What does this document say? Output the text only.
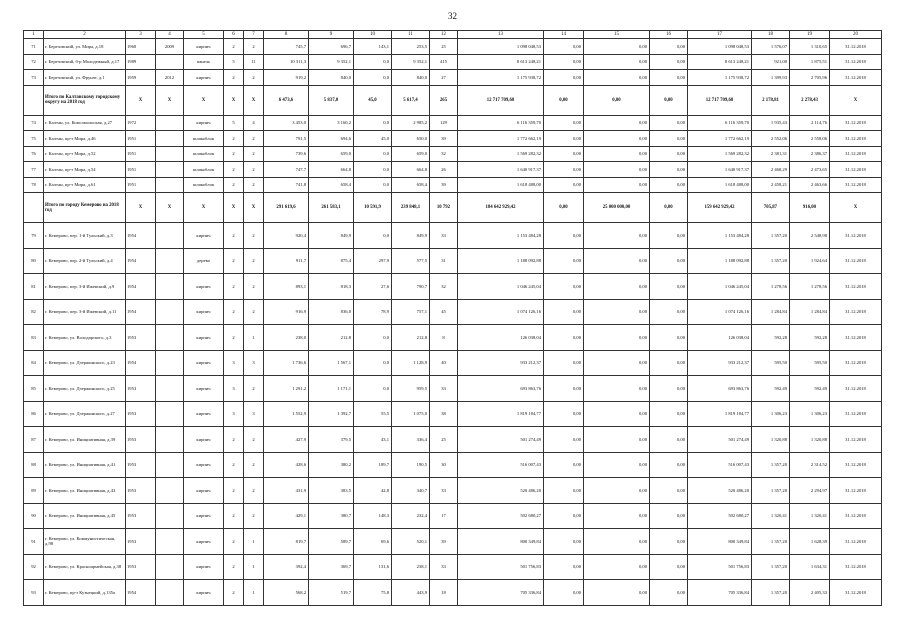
32
1	2	3	4	5	6	7	8	9	10	11	12	13	14	15	16	17	18	19	20
71	г. Березовский, ул. Мира, д.18	1960	2009	кирпич	2	2	745,7	696,7	143,1	253,5	25	1 098 048,53	0,00	0,00	0,00	1 098 048,53	1 576,07	1 310,65	31.12.2018
72	г. Березовский, б-р Молодежный, д.17	1989		панель	5	11	10 311,3	9 352,1	0,0	9 352,1	415	8 613 248,21	0,00	0,00	0,00	8 613 248,21	921,00	1 875,51	31.12.2018
73	г. Березовский, ул. Фрунзе, д.1	1959	2012	кирпич	2	2	919,2	840,0	0,0	840,0	27	1 175 938,72	0,00	0,00	0,00	1 175 938,72	1 399,93	2 705,96	31.12.2018
	Итого по Калтанскому городскому округу на 2018 год	X	X	X	X	X	6 473,6	5 837,0	45,0	5 617,4	265	12 717 709,68	0,00	0,00	0,00	12 717 709,68	2 178,81	2 278,43	X
74	г. Калтан, ул. Комсомольская, д.27	1972		кирпич	5	4	3 453,0	3 160,2	0,0	2 985,2	129	6 116 359,70	0,00	0,00	0,00	6 116 359,70	1 935,43	2 114,76	31.12.2018
75	г. Калтан, пр-т Мира, д.46	1951		шлакоблок	2	2	791,5	694,6	45,0	650,0	39	1 772 662,19	0,00	0,00	0,00	1 772 662,19	2 552,06	2 558,06	31.12.2018
76	г. Калтан, пр-т Мира, д.52	1951		шлакоблок	2	2	739,6	659,0	0,0	659,0	32	1 569 282,32	0,00	0,00	0,00	1 569 282,32	2 381,31	2 386,37	31.12.2018
77	г. Калтан, пр-т Мира, д.54	1951		шлакоблок	2	2	747,7	664,8	0,0	664,8	26	1 640 917,37	0,00	0,00	0,00	1 640 917,37	2 468,29	2 473,65	31.12.2018
78	г. Калтан, пр-т Мира, д.61	1951		шлакоблок	2	2	741,8	658,4	0,0	658,4	39	1 618 488,00	0,00	0,00	0,00	1 618 488,00	2 458,21	2 463,66	31.12.2018
	Итого по городу Кемерово на 2018 год	X	X	X	X	X	291 619,6	261 583,1	10 591,9	239 848,1	10 792	184 642 929,42	0,00	25 000 000,00	0,00	159 642 929,42	705,87	916,00	X
79	г. Кемерово, пер. 1-й Тульский, д.3	1954		кирпич	2	2	920,4	849,9	0,0	849,9	33	1 153 484,28	0,00	0,00	0,00	1 153 484,28	1 357,20	2 548,98	31.12.2018
80	г. Кемерово, пер. 2-й Тульский, д.4	1954		дерево	2	2	911,7	875,4	297,9	577,5	31	1 188 092,88	0,00	0,00	0,00	1 188 092,88	1 357,20	1 924,64	31.12.2018
81	г. Кемерово, пер. 3-й Ижевский, д.9	1954		кирпич	2	2	893,1	818,3	27,6	790,7	32	1 046 245,04	0,00	0,00	0,00	1 046 245,04	1 278,56	1 278,56	31.12.2018
82	г. Кемерово, пер. 3-й Ижевский, д.11	1954		кирпич	2	2	916,9	836,0	78,9	757,1	45	1 074 126,16	0,00	0,00	0,00	1 074 126,16	1 284,84	1 284,84	31.12.2018
83	г. Кемерово, ул. Володарского, д.3	1953		кирпич	2	1	238,0	212,8	0,0	212,8	8	126 038,04	0,00	0,00	0,00	126 038,04	592,28	592,28	31.12.2018
84	г. Кемерово, ул. Дзержинского, д.23	1954		кирпич	3	3	1 736,6	1 567,1	0,0	1 128,9	40	933 212,37	0,00	0,00	0,00	933 212,37	595,50	595,50	31.12.2018
85	г. Кемерово, ул. Дзержинского, д.25	1953		кирпич	3	2	1 291,2	1 171,1	0,0	959,5	33	693 863,76	0,00	0,00	0,00	693 863,76	592,49	592,49	31.12.2018
86	г. Кемерово, ул. Дзержинского, д.27	1953		кирпич	3	3	1 552,9	1 392,7	55,5	1 075,0	38	1 819 184,77	0,00	0,00	0,00	1 819 184,77	1 306,23	1 306,23	31.12.2018
87	г. Кемерово, ул. Инициативная, д.39	1953		кирпич	2	2	427,9	379,5	43,1	336,4	25	501 274,49	0,00	0,00	0,00	501 274,49	1 320,88	1 320,88	31.12.2018
88	г. Кемерово, ул. Инициативная, д.41	1953		кирпич	2	2	428,6	380,2	189,7	190,5	30	516 007,43	0,00	0,00	0,00	516 007,43	1 357,20	2 314,52	31.12.2018
89	г. Кемерово, ул. Инициативная, д.43	1953		кирпич	2	2	431,9	383,5	42,8	340,7	33	520 486,20	0,00	0,00	0,00	520 486,20	1 357,20	2 294,97	31.12.2018
90	г. Кемерово, ул. Инициативная, д.45	1953		кирпич	2	2	429,1	380,7	148,3	232,4	17	502 680,27	0,00	0,00	0,00	502 680,27	1 320,41	1 320,41	31.12.2018
91	г. Кемерово, ул. Коммунистическая, д.98	1953		кирпич	2	1	819,7	589,7	69,6	520,1	39	800 349,84	0,00	0,00	0,00	800 349,84	1 357,20	1 628,39	31.12.2018
92	г. Кемерово, ул. Красноармейская, д.38	1953		кирпич	2	1	392,4	369,7	131,6	238,1	33	501 756,83	0,00	0,00	0,00	501 756,83	1 357,20	1 634,31	31.12.2018
93	г. Кемерово, пр-т Кузнецкий, д.135а	1954		кирпич	2	1	568,2	519,7	75,8	443,9	18	705 336,84	0,00	0,00	0,00	705 336,84	1 357,20	2 405,33	31.12.2018
